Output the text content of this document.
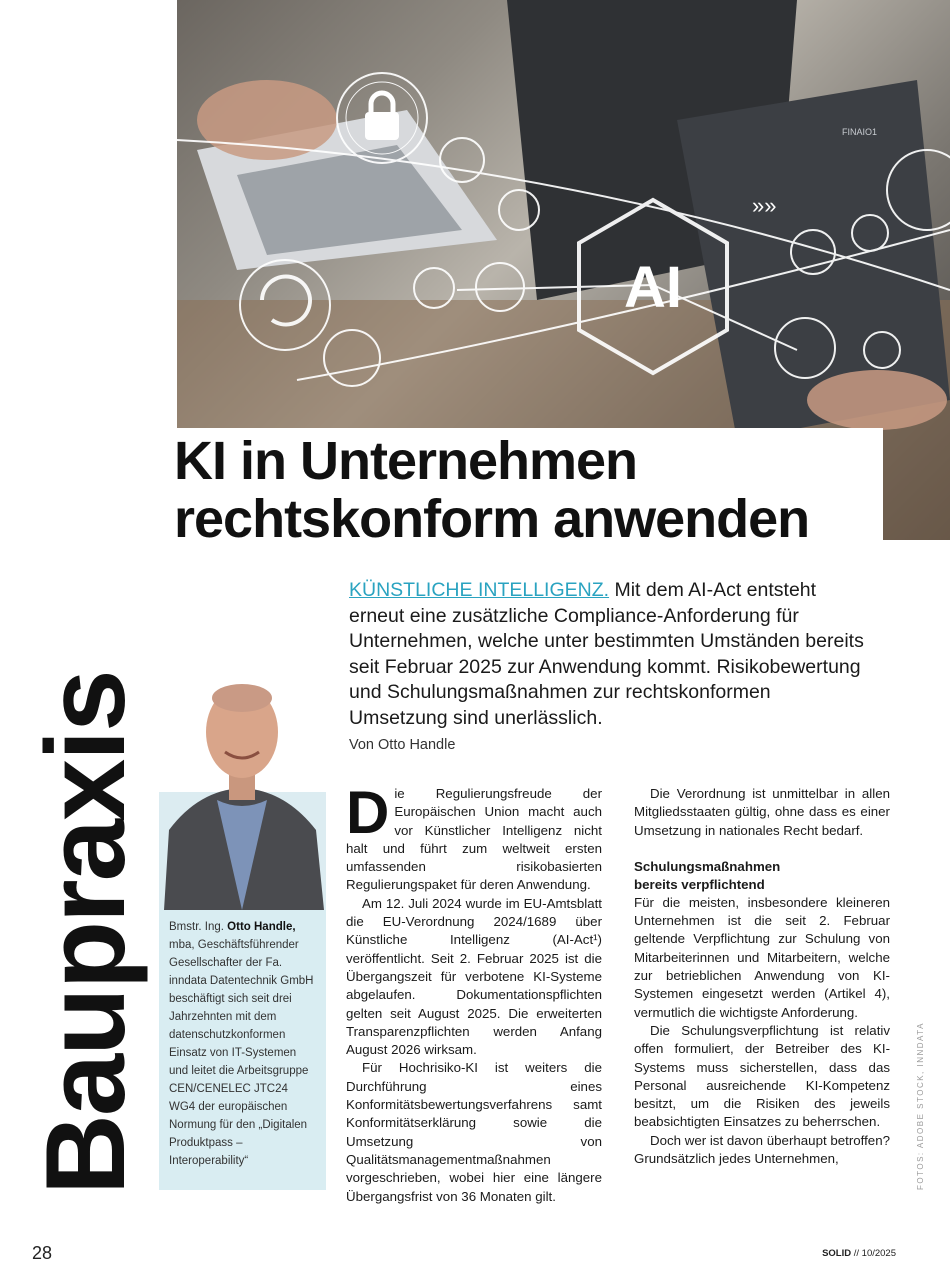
FINAIO1
»»
AI
KI in Unternehmen
rechtskonform anwenden
Baupraxis

KÜNSTLICHE INTELLIGENZ. Mit dem AI-Act entsteht erneut eine zusätzliche Compliance-Anforderung für Unternehmen, welche unter bestimmten Umständen bereits seit Februar 2025 zur Anwendung kommt. Risikobewertung und Schulungsmaßnahmen zur rechtskonformen Umsetzung sind unerlässlich.

Von Otto Handle
Bmstr. Ing. Otto Handle, mba, Geschäftsführender Gesellschafter der Fa. inndata Datentechnik GmbH beschäftigt sich seit drei Jahrzehnten mit dem datenschutzkonformen Einsatz von IT-Systemen und leitet die Arbeitsgruppe CEN/CENELEC JTC24 WG4 der europäischen Normung für den „Digitalen Produktpass – Interoperability“

Die Regulierungsfreude der Europäischen Union macht auch vor Künstlicher Intelligenz nicht halt und führt zum weltweit ersten umfassenden risikobasierten Regulierungspaket für deren Anwendung.

Am 12. Juli 2024 wurde im EU-Amtsblatt die EU-Verordnung 2024/1689 über Künstliche Intelligenz (AI-Act¹) veröffentlicht. Seit 2. Februar 2025 ist die Übergangszeit für verbotene KI-Systeme abgelaufen. Dokumentationspflichten gelten seit August 2025. Die erweiterten Transparenzpflichten werden Anfang August 2026 wirksam.

Für Hochrisiko-KI ist weiters die Durchführung eines Konformitätsbewertungsverfahrens samt Konformitätserklärung sowie die Umsetzung von Qualitätsmanagementmaßnahmen vorgeschrieben, wobei hier eine längere Übergangsfrist von 36 Monaten gilt.

Die Verordnung ist unmittelbar in allen Mitgliedsstaaten gültig, ohne dass es einer Umsetzung in nationales Recht bedarf.

Schulungsmaßnahmen
bereits verpflichtend

Für die meisten, insbesondere kleineren Unternehmen ist die seit 2. Februar geltende Verpflichtung zur Schulung von Mitarbeiterinnen und Mitarbeitern, welche zur betrieblichen Anwendung von KI-Systemen eingesetzt werden (Artikel 4), vermutlich die wichtigste Anforderung.

Die Schulungsverpflichtung ist relativ offen formuliert, der Betreiber des KI-Systems muss sicherstellen, dass das Personal ausreichende KI-Kompetenz besitzt, um die Risiken des jeweils beabsichtigten Einsatzes zu beherrschen.

Doch wer ist davon überhaupt betroffen? Grundsätzlich jedes Unternehmen,	FOTOS: ADOBE STOCK, INNDATA
28	SOLID // 10/2025
